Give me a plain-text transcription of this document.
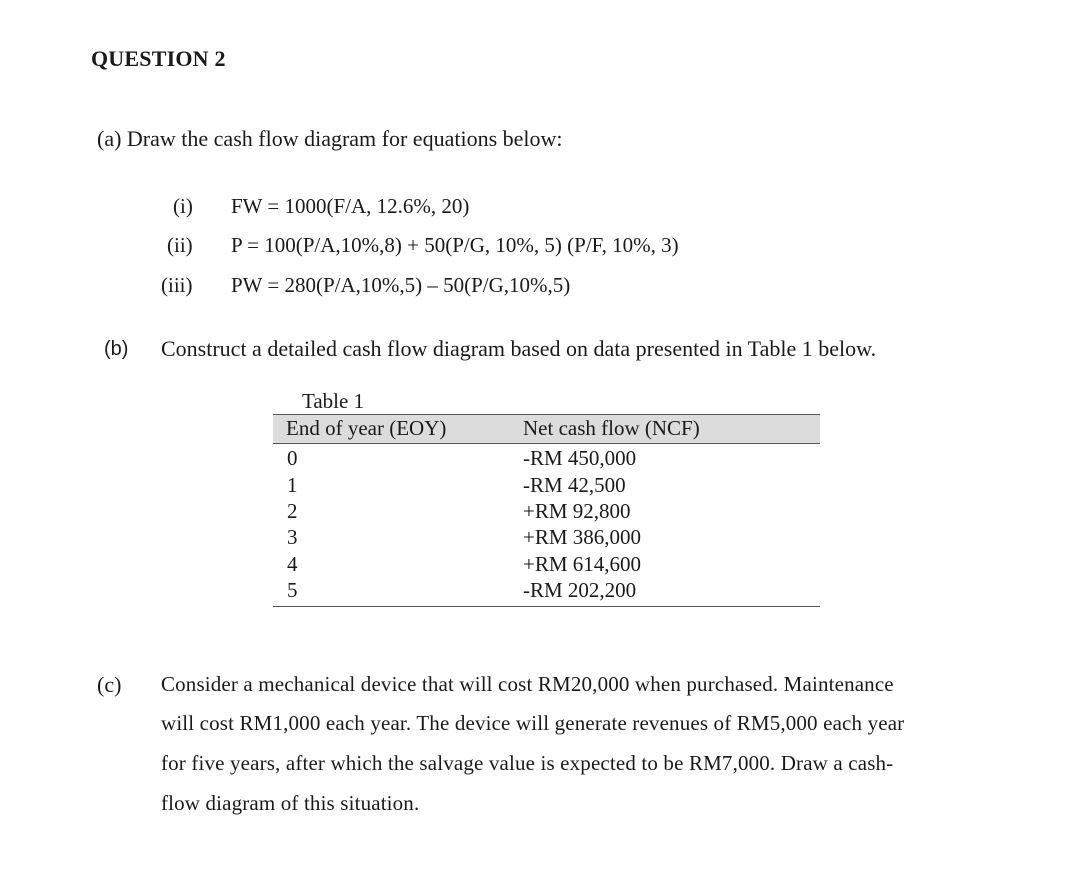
QUESTION 2
(a) Draw the cash flow diagram for equations below:
(i) FW = 1000(F/A, 12.6%, 20)
(ii) P = 100(P/A,10%,8) + 50(P/G, 10%, 5) (P/F, 10%, 3)
(iii) PW = 280(P/A,10%,5) – 50(P/G,10%,5)
(b) Construct a detailed cash flow diagram based on data presented in Table 1 below.
Table 1
End of year (EOY)	Net cash flow (NCF)
0	-RM 450,000
1	-RM 42,500
2	+RM 92,800
3	+RM 386,000
4	+RM 614,600
5	-RM 202,200
(c) Consider a mechanical device that will cost RM20,000 when purchased. Maintenance
will cost RM1,000 each year. The device will generate revenues of RM5,000 each year
for five years, after which the salvage value is expected to be RM7,000. Draw a cash-
flow diagram of this situation.
